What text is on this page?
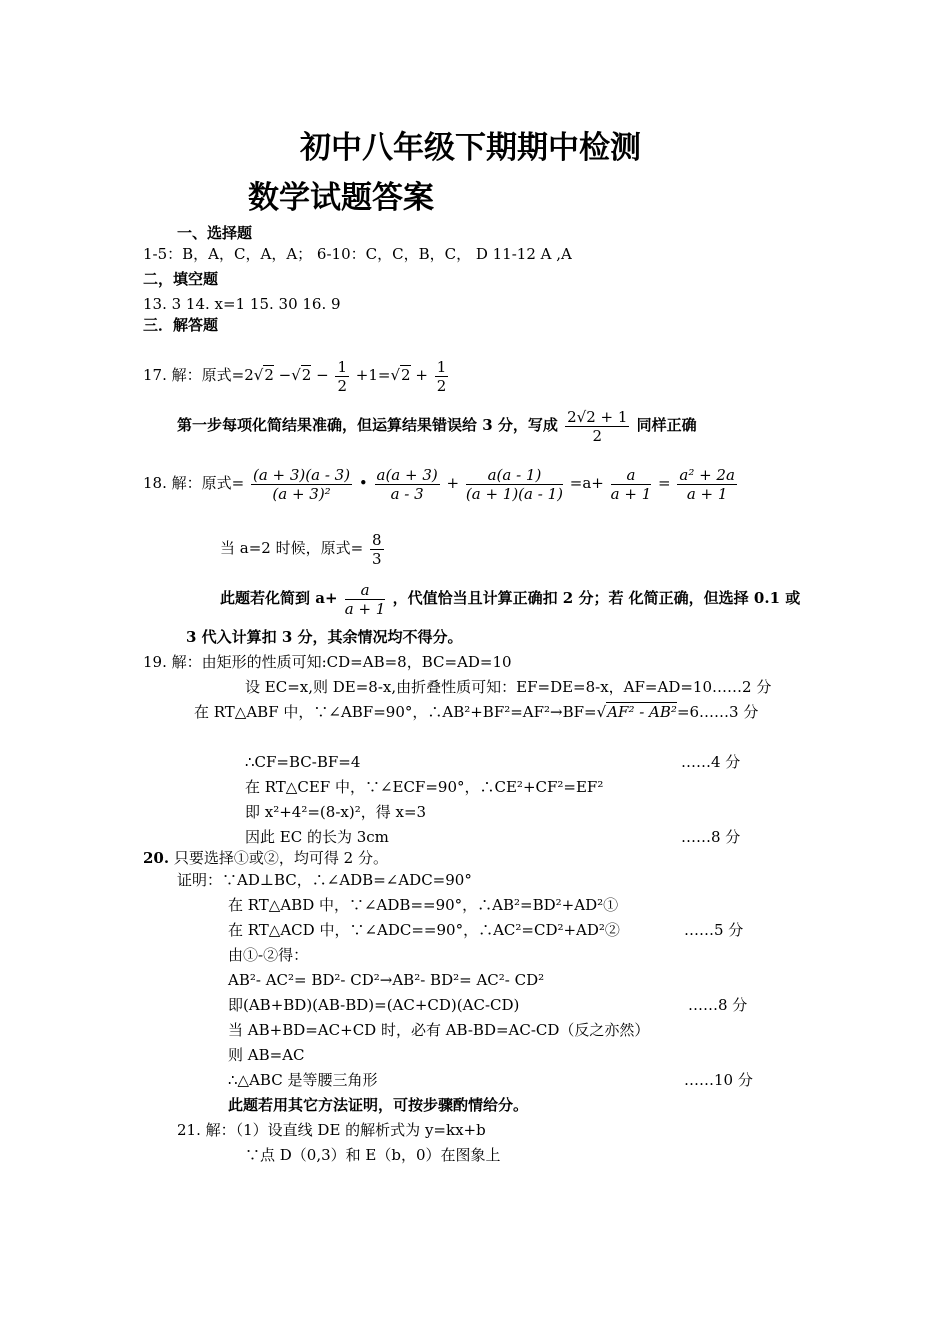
初中八年级下期期中检测
数学试题答案
一、选择题
1-5：B，A，C，A，A； 6-10：C，C，B，C， D 11-12 A ,A
二，填空题
13. 3 14. x=1 15. 30 16. 9
三．解答题
17. 解：原式$=2√2 -√2 - \frac{1}{2} +1=√2 + \frac{1}{2}$
第一步每项化简结果准确，但运算结果错误给 3 分，写成 $\frac{2√2 + 1}{2}$ 同样正确
18. 解：原式= $\frac{(a + 3)(a - 3)}{\text{(a + 3)²}}$ • $\frac{a(a + 3)}{a - 3} + \frac{a(a - 1)}{(a + 1)(a - 1)} =a+ \frac{a}{a + 1} = \frac{\text{a² + 2a}}{a + 1}$
当 a=2 时候，原式= $\frac{8}{3}$
此题若化简到 $a+ \frac{a}{a + 1}$ ，代值恰当且计算正确扣 2 分；若 化简正确，但选择 0.1 或
3 代入计算扣 3 分，其余情况均不得分。
19. 解：由矩形的性质可知:CD=AB=8，BC=AD=10
设 EC=x,则 DE=8-x,由折叠性质可知：EF=DE=8-x，AF=AD=10……2 分
在 RT△ABF 中，∵∠ABF=90°，∴AB²+BF²=AF²→BF=√AF² - AB²=6……3 分
∴CF=BC-BF=4	……4 分
在 RT△CEF 中，∵∠ECF=90°，∴CE²+CF²=EF²
即 x²+4²=(8-x)²，得 x=3
因此 EC 的长为 3cm	……8 分
20. 只要选择①或②，均可得 2 分。
证明：∵AD⊥BC，∴∠ADB=∠ADC=90°
在 RT△ABD 中，∵∠ADB==90°，∴AB²=BD²+AD²①
在 RT△ACD 中，∵∠ADC==90°，∴AC²=CD²+AD²②	……5 分
由①-②得：
AB²- AC²= BD²- CD²→AB²- BD²= AC²- CD²
即(AB+BD)(AB-BD)=(AC+CD)(AC-CD)	……8 分
当 AB+BD=AC+CD 时，必有 AB-BD=AC-CD（反之亦然）
则 AB=AC
∴△ABC 是等腰三角形	……10 分
此题若用其它方法证明，可按步骤酌情给分。
21. 解：（1）设直线 DE 的解析式为 y=kx+b
∵点 D（0,3）和 E（b，0）在图象上
